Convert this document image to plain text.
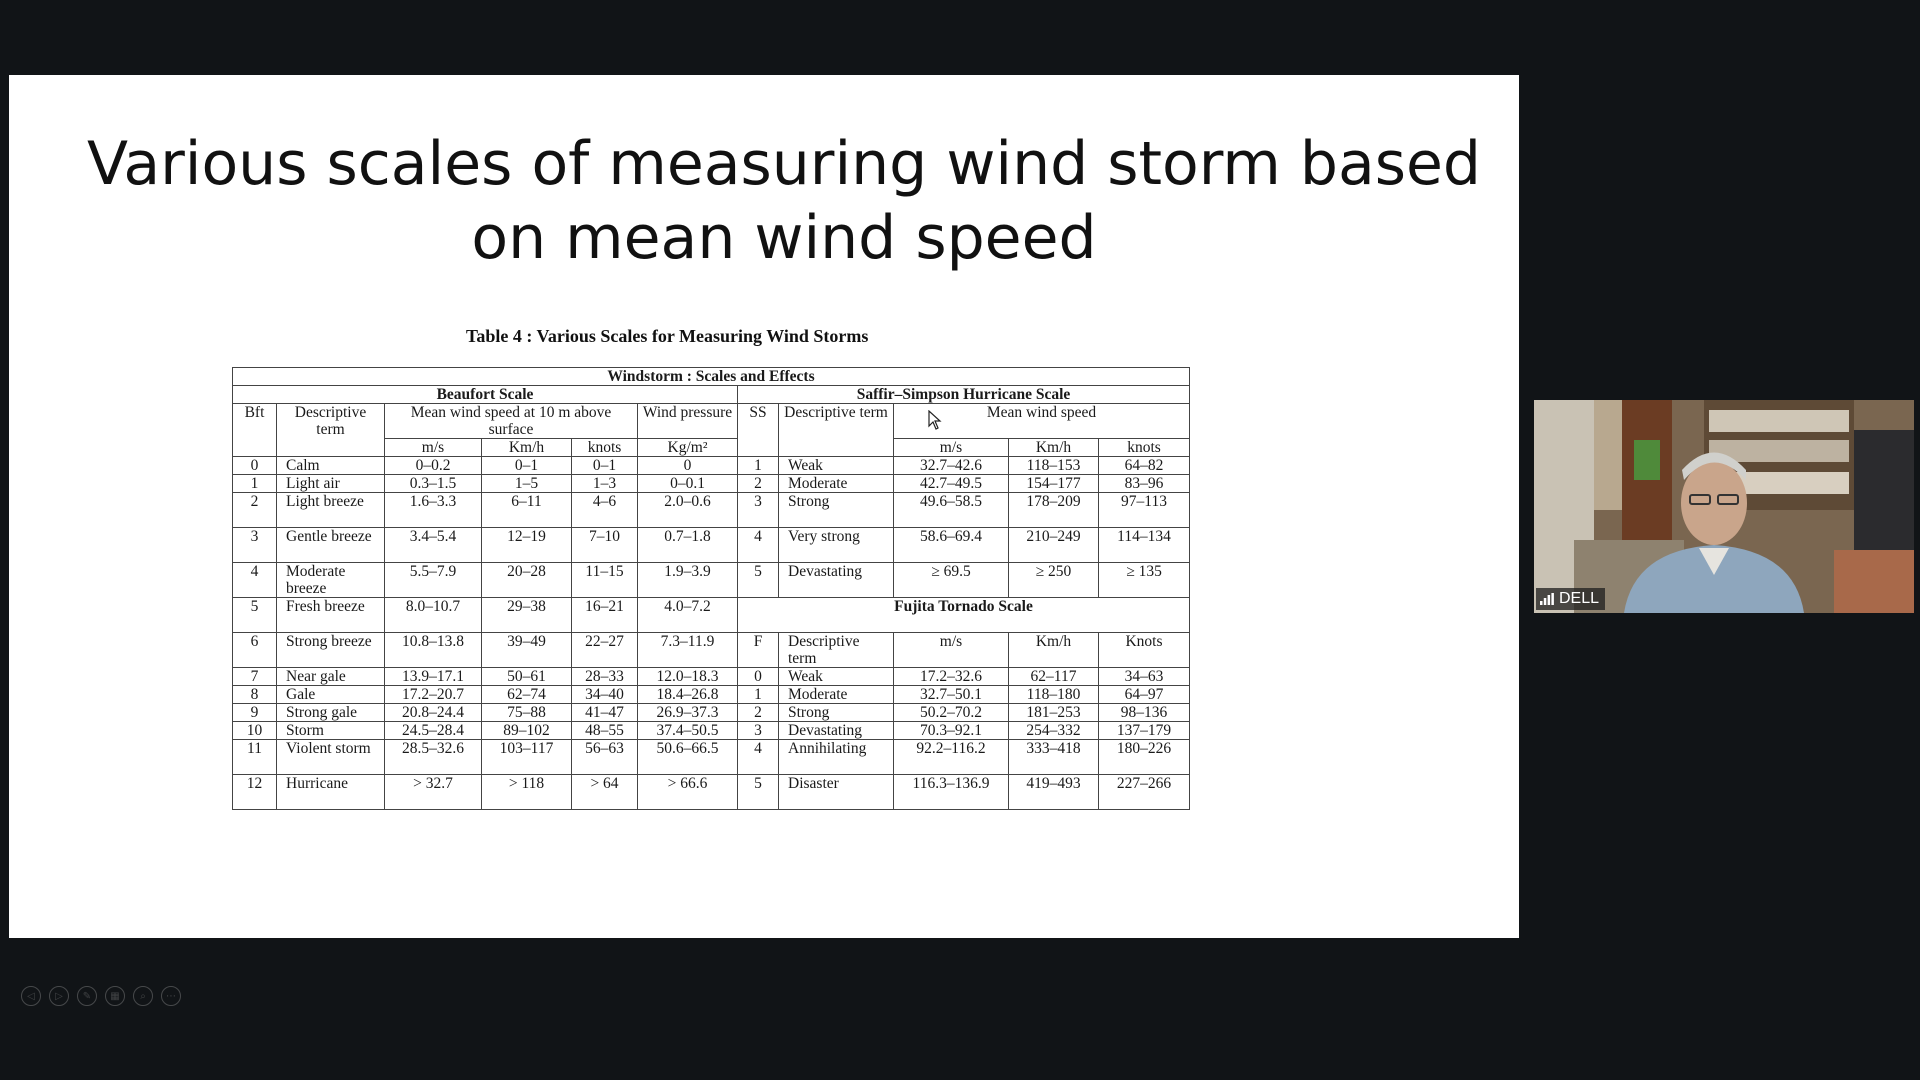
Various scales of measuring wind storm based
on mean wind speed
Table 4 : Various Scales for Measuring Wind Storms
Windstorm : Scales and Effects										
Beaufort Scale						Saffir–Simpson Hurricane Scale				
Bft	Descriptive term	Mean wind speed at 10 m above surface			Wind pressure	SS	Descriptive term	Mean wind speed		
		m/s	Km/h	knots	Kg/m²			m/s	Km/h	knots
0	Calm	0–0.2	0–1	0–1	0	1	Weak	32.7–42.6	118–153	64–82
1	Light air	0.3–1.5	1–5	1–3	0–0.1	2	Moderate	42.7–49.5	154–177	83–96
2	Light breeze	1.6–3.3	6–11	4–6	2.0–0.6	3	Strong	49.6–58.5	178–209	97–113
3	Gentle breeze	3.4–5.4	12–19	7–10	0.7–1.8	4	Very strong	58.6–69.4	210–249	114–134
4	Moderate breeze	5.5–7.9	20–28	11–15	1.9–3.9	5	Devastating	≥ 69.5	≥ 250	≥ 135
5	Fresh breeze	8.0–10.7	29–38	16–21	4.0–7.2	Fujita Tornado Scale				
6	Strong breeze	10.8–13.8	39–49	22–27	7.3–11.9	F	Descriptive term	m/s	Km/h	Knots
7	Near gale	13.9–17.1	50–61	28–33	12.0–18.3	0	Weak	17.2–32.6	62–117	34–63
8	Gale	17.2–20.7	62–74	34–40	18.4–26.8	1	Moderate	32.7–50.1	118–180	64–97
9	Strong gale	20.8–24.4	75–88	41–47	26.9–37.3	2	Strong	50.2–70.2	181–253	98–136
10	Storm	24.5–28.4	89–102	48–55	37.4–50.5	3	Devastating	70.3–92.1	254–332	137–179
11	Violent storm	28.5–32.6	103–117	56–63	50.6–66.5	4	Annihilating	92.2–116.2	333–418	180–226
12	Hurricane	> 32.7	> 118	> 64	> 66.6	5	Disaster	116.3–136.9	419–493	227–266
◁	▷	✎	▦	⌕	⋯
DELL
